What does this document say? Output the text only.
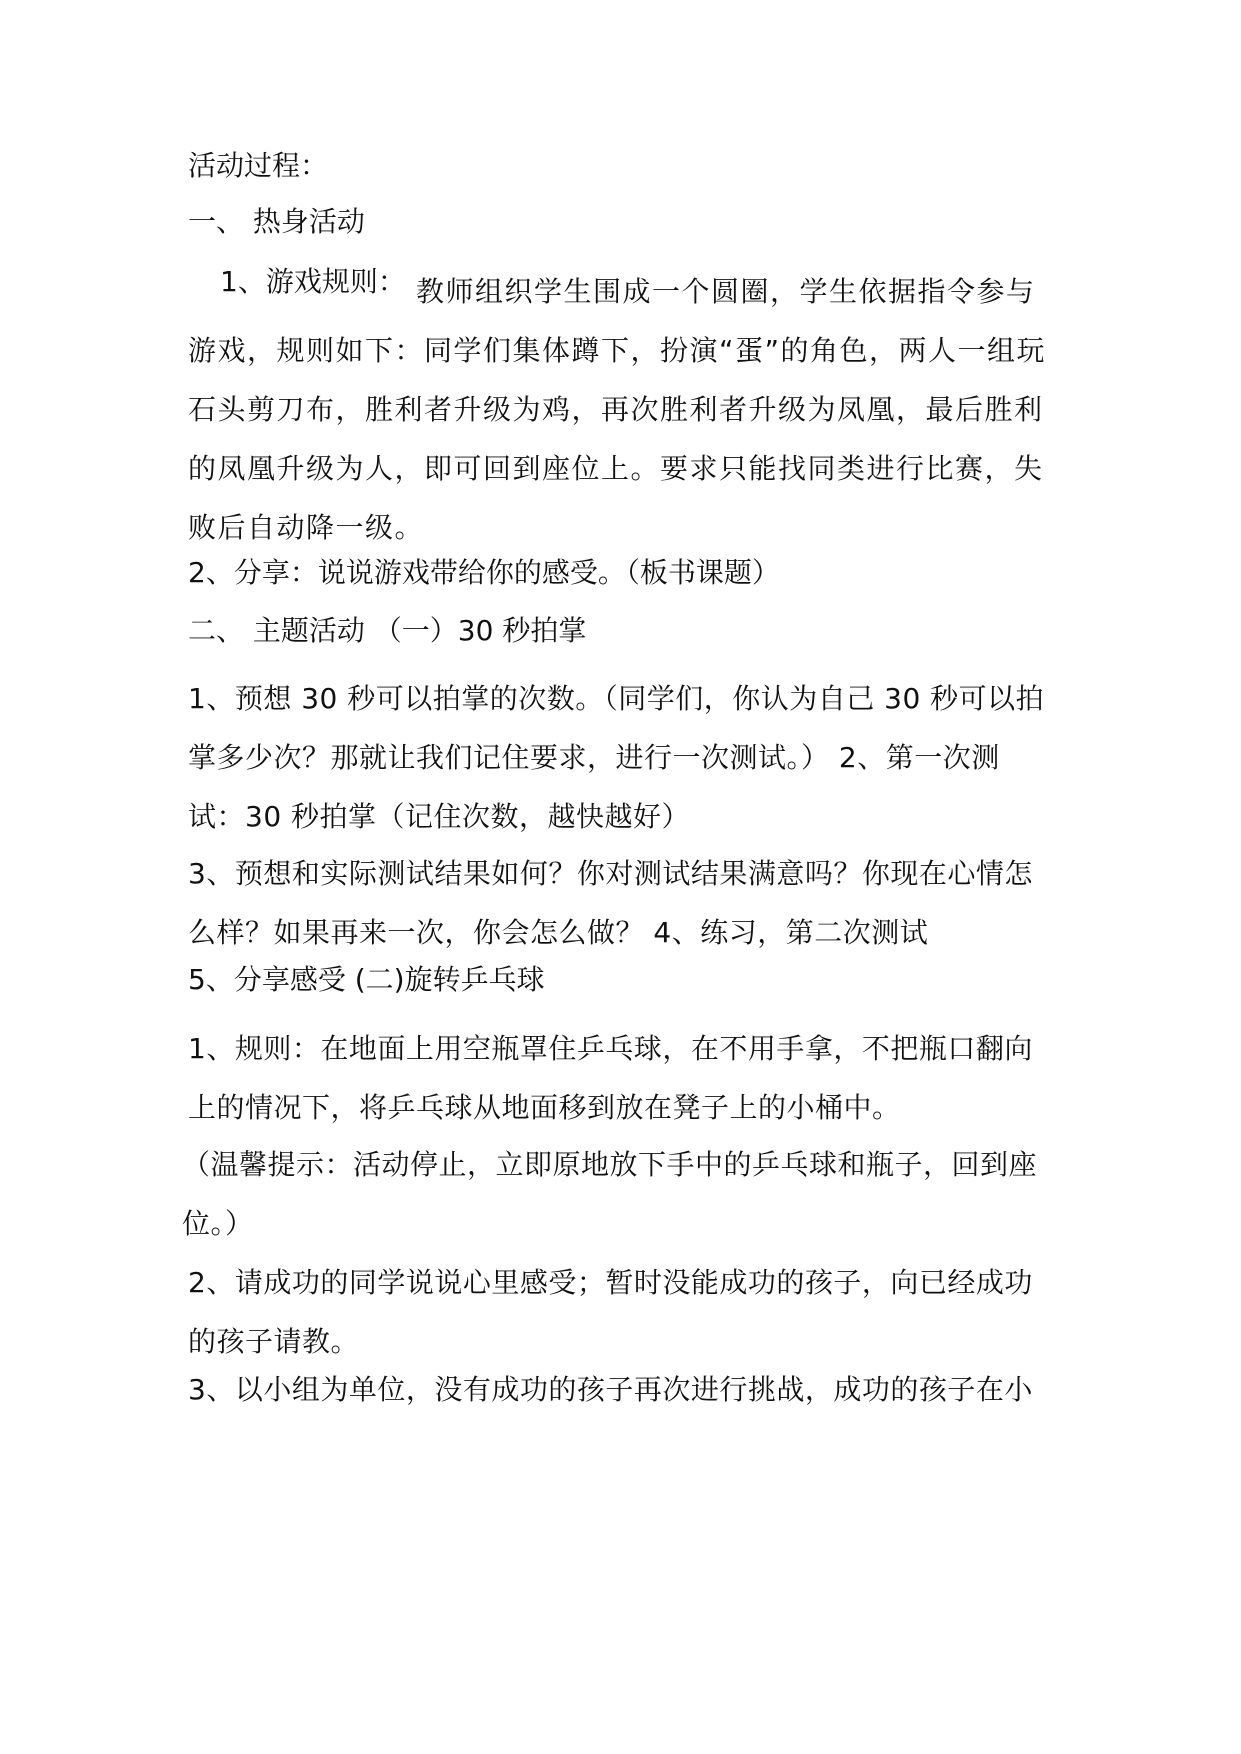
活动过程：
一、 热身活动
1、游戏规则： 教师组织学生围成一个圆圈，学生依据指令参与游戏，规则如下：同学们集体蹲下，扮演“蛋”的角色，两人一组玩石头剪刀布，胜利者升级为鸡，再次胜利者升级为凤凰，最后胜利的凤凰升级为人，即可回到座位上。要求只能找同类进行比赛，失败后自动降一级。
2、分享：说说游戏带给你的感受。（板书课题）
二、 主题活动 （一）30 秒拍掌
1、预想 30 秒可以拍掌的次数。（同学们，你认为自己 30 秒可以拍掌多少次？那就让我们记住要求，进行一次测试。） 2、第一次测试：30 秒拍掌（记住次数，越快越好）
3、预想和实际测试结果如何？你对测试结果满意吗？你现在心情怎么样？如果再来一次，你会怎么做？ 4、练习，第二次测试
5、分享感受 (二)旋转乒乓球
1、规则：在地面上用空瓶罩住乒乓球，在不用手拿，不把瓶口翻向上的情况下，将乒乓球从地面移到放在凳子上的小桶中。
（温馨提示：活动停止，立即原地放下手中的乒乓球和瓶子，回到座位。）
2、请成功的同学说说心里感受；暂时没能成功的孩子，向已经成功的孩子请教。
3、以小组为单位，没有成功的孩子再次进行挑战，成功的孩子在小
